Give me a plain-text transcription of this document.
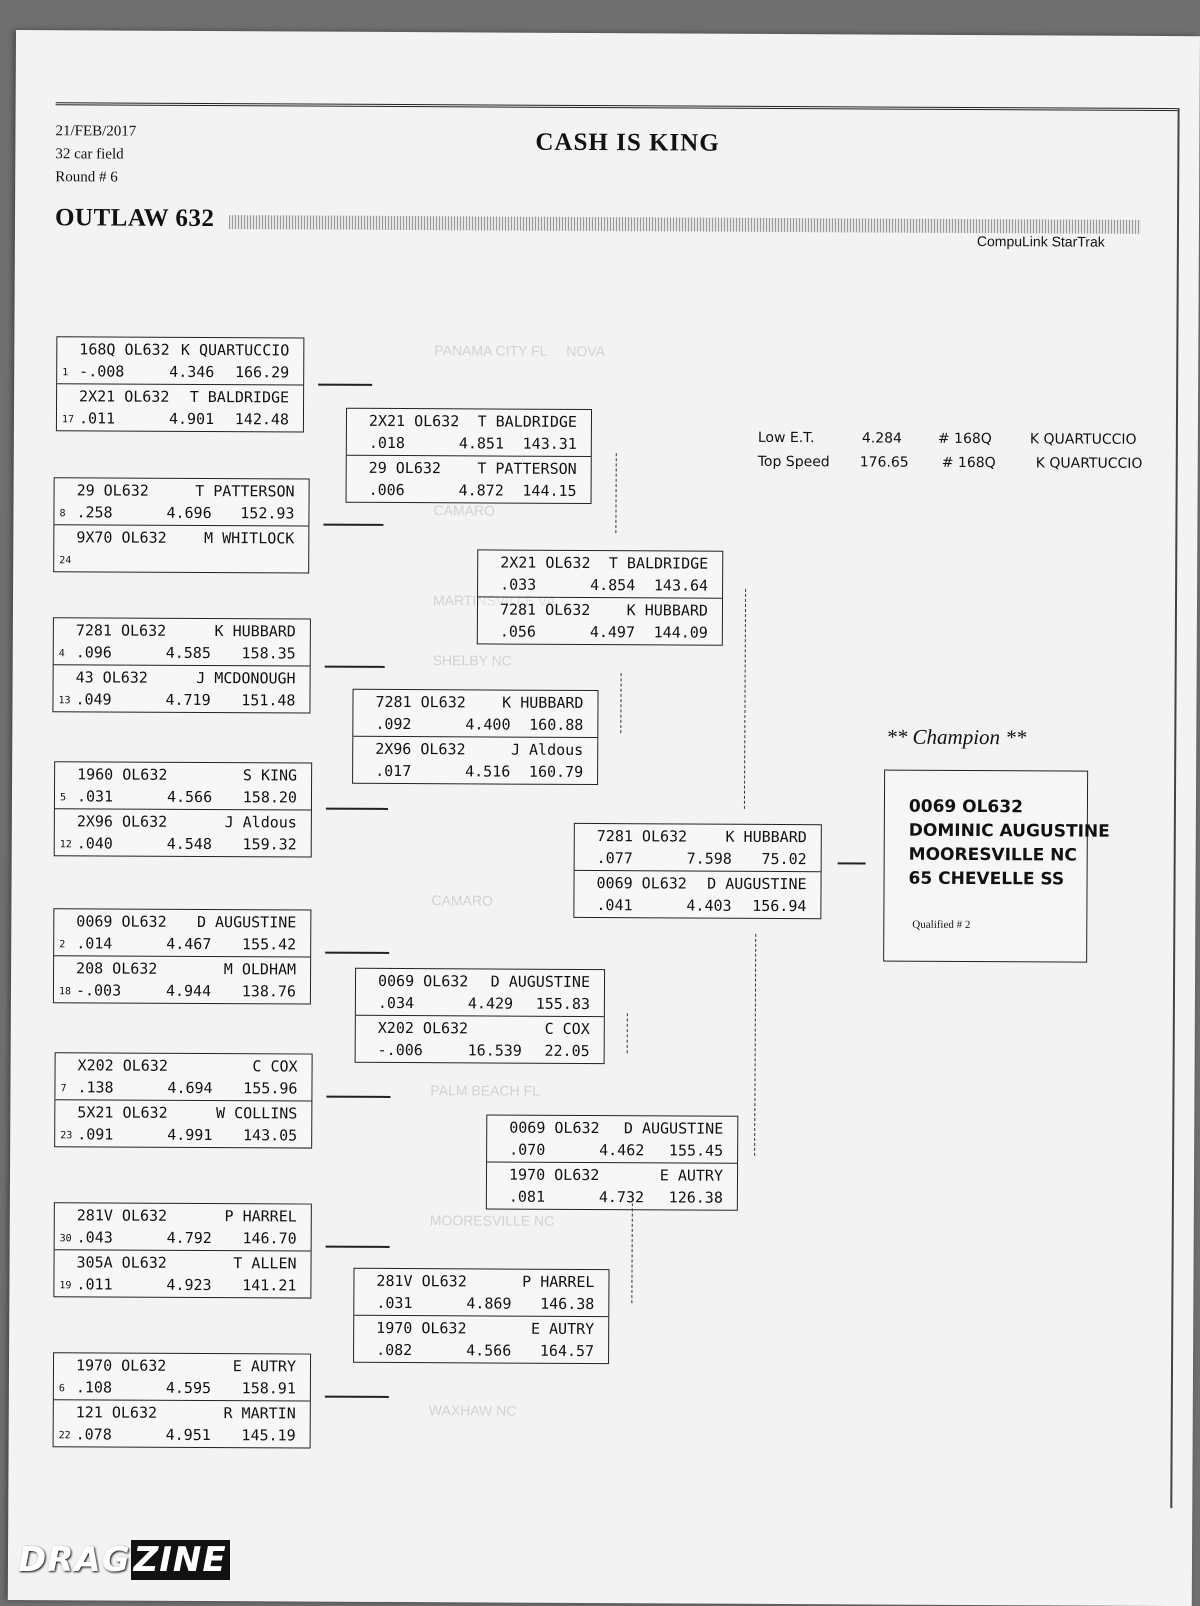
PANAMA CITY FL     NOVA
CAMARO
MARTINSVILLE VA
SHELBY NC
CAMARO
PALM BEACH FL
MOORESVILLE NC
WAXHAW NC
21/FEB/2017
32 car field
Round # 6
CASH IS KING
OUTLAW 632
CompuLink StarTrak
1
168Q OL632 K QUARTUCCIO
-.008	4.346 166.29
17
2X21 OL632 T BALDRIDGE
.011	4.901 142.48
8
29 OL632	T PATTERSON
.258	4.696 152.93
24
9X70 OL632 M WHITLOCK
4
7281 OL632	K HUBBARD
.096	4.585 158.35
13
43 OL632	J MCDONOUGH
.049	4.719 151.48
5
1960 OL632	S KING
.031	4.566 158.20
12
2X96 OL632	J Aldous
.040	4.548 159.32
2
0069 OL632 D AUGUSTINE
.014	4.467 155.42
18
208 OL632	M OLDHAM
-.003	4.944 138.76
7
X202 OL632	C COX
.138	4.694 155.96
23
5X21 OL632	W COLLINS
.091	4.991 143.05
30
281V OL632	P HARREL
.043	4.792 146.70
19
305A OL632	T ALLEN
.011	4.923 141.21
6
1970 OL632	E AUTRY
.108	4.595 158.91
22
121 OL632	R MARTIN
.078	4.951 145.19
2X21 OL632 T BALDRIDGE
.018	4.851 143.31
29 OL632 T PATTERSON
.006	4.872 144.15
7281 OL632 K HUBBARD
.092	4.400 160.88
2X96 OL632	J Aldous
.017	4.516 160.79
0069 OL632 D AUGUSTINE
.034	4.429 155.83
X202 OL632	C COX
-.006	16.539 22.05
281V OL632	P HARREL
.031	4.869 146.38
1970 OL632	E AUTRY
.082	4.566 164.57
2X21 OL632 T BALDRIDGE
.033	4.854 143.64
7281 OL632 K HUBBARD
.056	4.497 144.09
0069 OL632 D AUGUSTINE
.070	4.462 155.45
1970 OL632	E AUTRY
.081	4.732 126.38
7281 OL632	K HUBBARD
.077	7.598 75.02
0069 OL632 D AUGUSTINE
.041	4.403 156.94
Low E.T.	4.284	# 168Q	K QUARTUCCIO
Top Speed 176.65 # 168Q	K QUARTUCCIO
** Champion **
0069 OL632
DOMINIC AUGUSTINE
MOORESVILLE NC
65 CHEVELLE SS
Qualified # 2
DRAGZINE
